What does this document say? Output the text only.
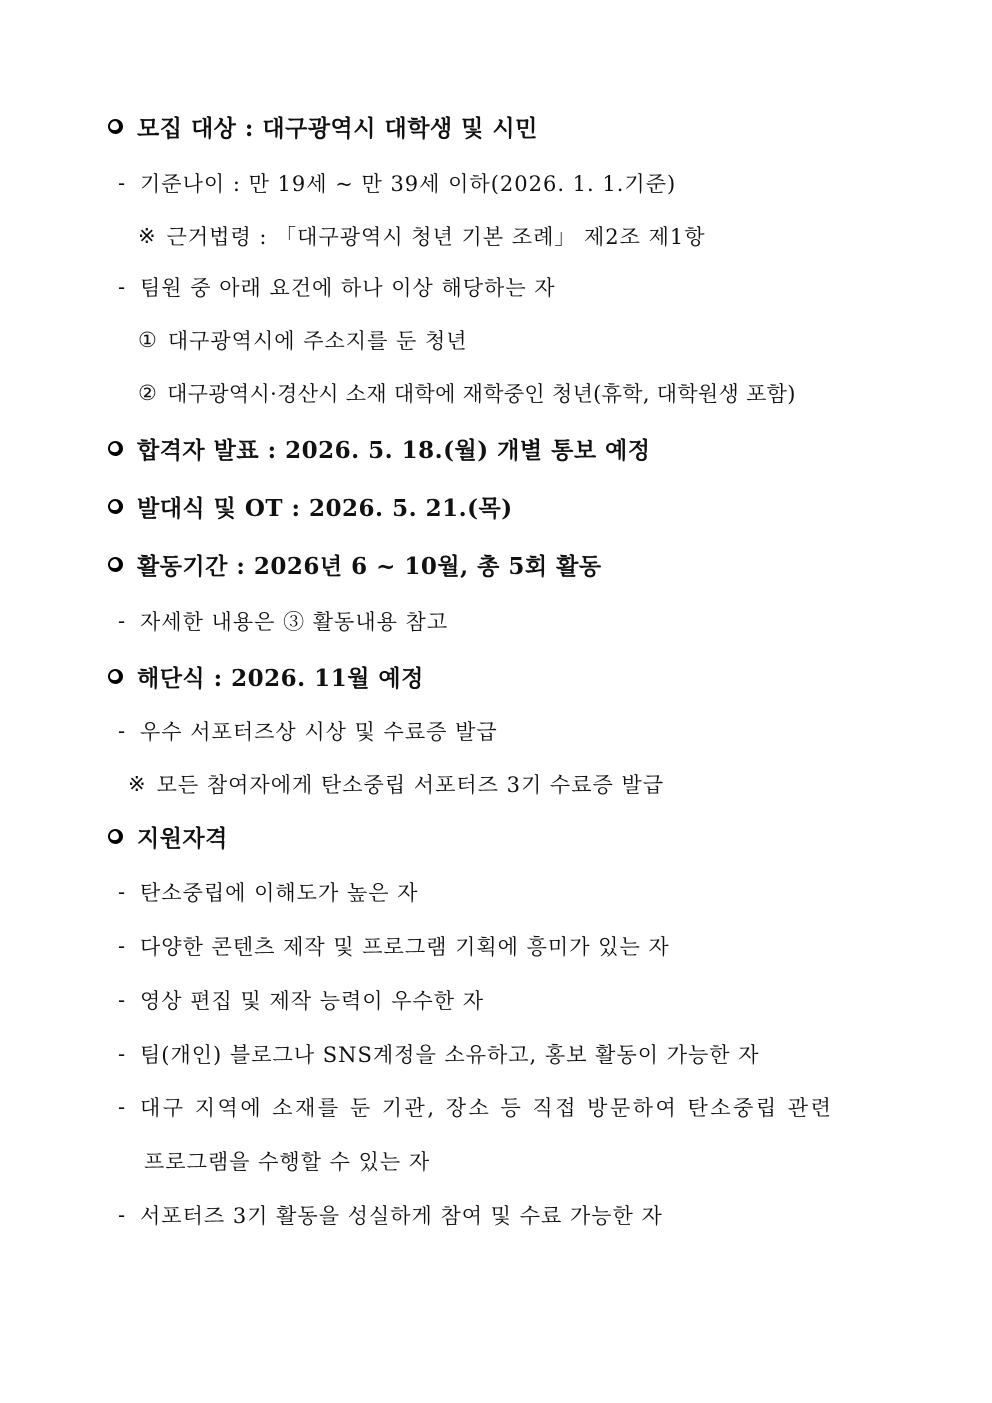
모집 대상 : 대구광역시 대학생 및 시민
- 기준나이 : 만 19세 ~ 만 39세 이하(2026. 1. 1.기준)
※ 근거법령 : 「대구광역시 청년 기본 조례」 제2조 제1항
- 팀원 중 아래 요건에 하나 이상 해당하는 자
① 대구광역시에 주소지를 둔 청년
② 대구광역시·경산시 소재 대학에 재학중인 청년(휴학, 대학원생 포함)
합격자 발표 : 2026. 5. 18.(월) 개별 통보 예정
발대식 및 OT : 2026. 5. 21.(목)
활동기간 : 2026년 6 ~ 10월, 총 5회 활동
- 자세한 내용은 ③ 활동내용 참고
해단식 : 2026. 11월 예정
- 우수 서포터즈상 시상 및 수료증 발급
※ 모든 참여자에게 탄소중립 서포터즈 3기 수료증 발급
지원자격
- 탄소중립에 이해도가 높은 자
- 다양한 콘텐츠 제작 및 프로그램 기획에 흥미가 있는 자
- 영상 편집 및 제작 능력이 우수한 자
- 팀(개인) 블로그나 SNS계정을 소유하고, 홍보 활동이 가능한 자
- 대구 지역에 소재를 둔 기관, 장소 등 직접 방문하여 탄소중립 관련
프로그램을 수행할 수 있는 자
- 서포터즈 3기 활동을 성실하게 참여 및 수료 가능한 자
